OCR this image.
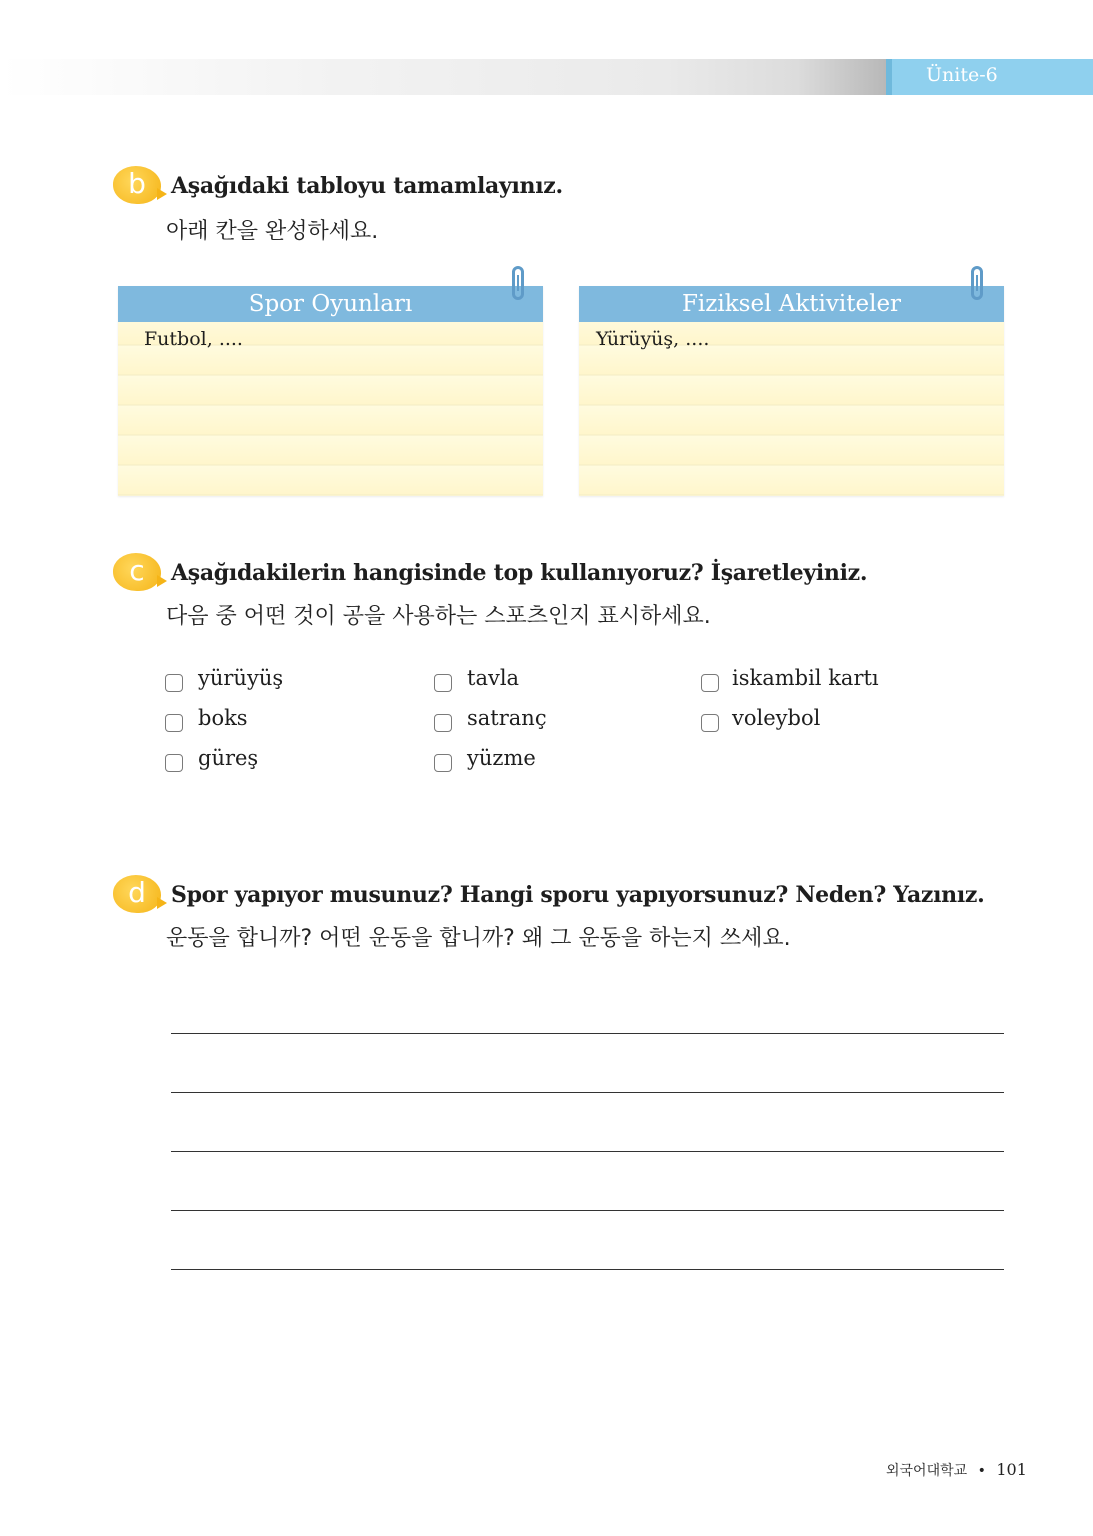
Ünite-6
b	Aşağıdaki tabloyu tamamlayınız.
아래 칸을 완성하세요.
Spor Oyunları
Futbol, ....
Fiziksel Aktiviteler
Yürüyüş, ....
c	Aşağıdakilerin hangisinde top kullanıyoruz? İşaretleyiniz.
다음 중 어떤 것이 공을 사용하는 스포츠인지 표시하세요.
yürüyüş	tavla	iskambil kartı
boks	satranç	voleybol
güreş	yüzme
d	Spor yapıyor musunuz? Hangi sporu yapıyorsunuz? Neden? Yazınız.
운동을 합니까? 어떤 운동을 합니까? 왜 그 운동을 하는지 쓰세요.
외국어대학교 • 101
